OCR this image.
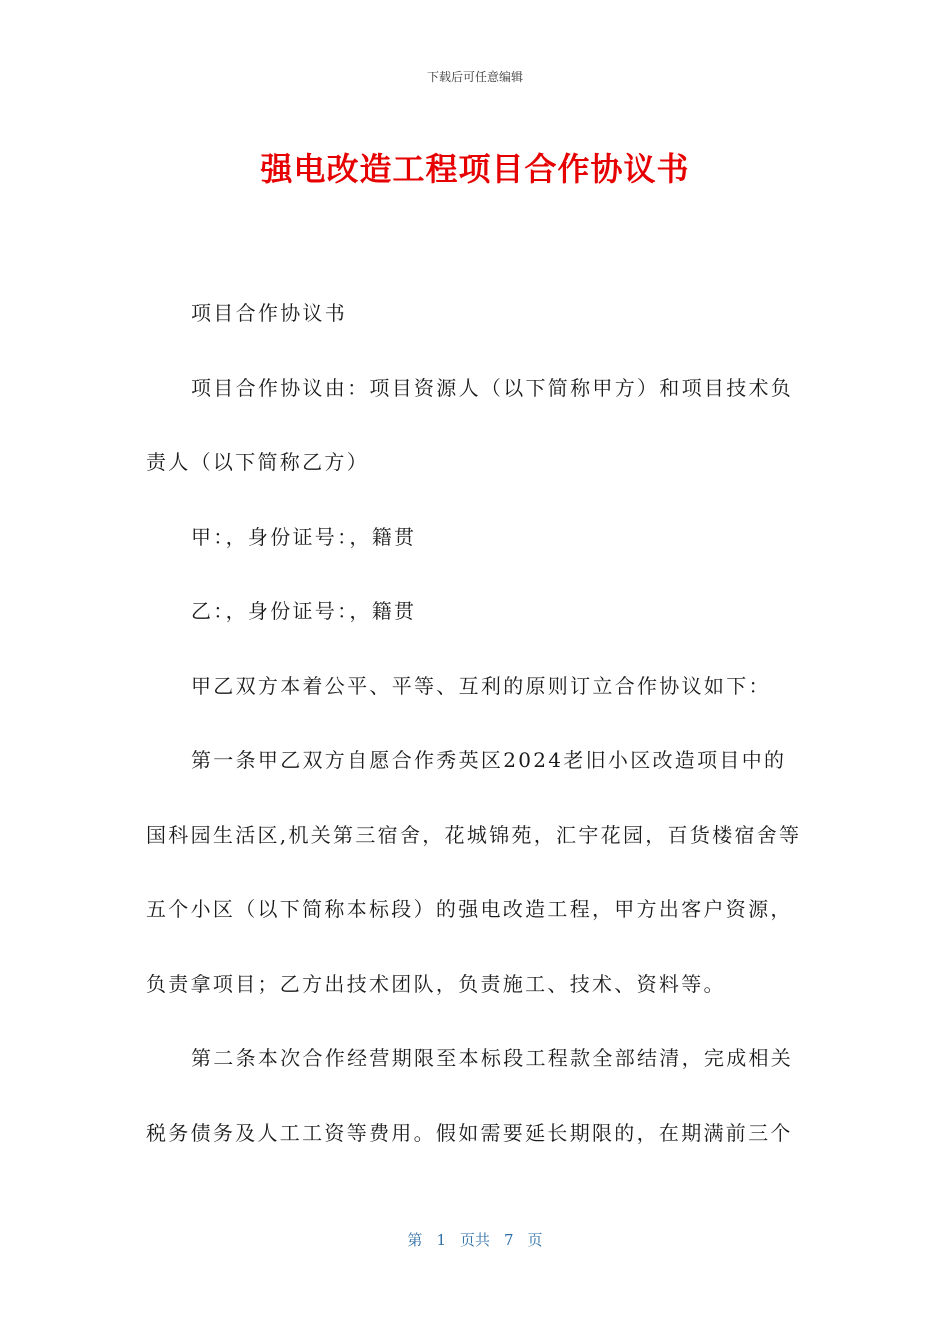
下载后可任意编辑
强电改造工程项目合作协议书

项目合作协议书

项目合作协议由：项目资源人（以下简称甲方）和项目技术负责人（以下简称乙方）

甲：，身份证号：，籍贯

乙：，身份证号：，籍贯

甲乙双方本着公平、平等、互利的原则订立合作协议如下：

第一条甲乙双方自愿合作秀英区2024老旧小区改造项目中的国科园生活区,机关第三宿舍，花城锦苑，汇宇花园，百货楼宿舍等五个小区（以下简称本标段）的强电改造工程，甲方出客户资源，负责拿项目；乙方出技术团队，负责施工、技术、资料等。

第二条本次合作经营期限至本标段工程款全部结清，完成相关税务债务及人工工资等费用。假如需要延长期限的，在期满前三个

第 1 页共 7 页
